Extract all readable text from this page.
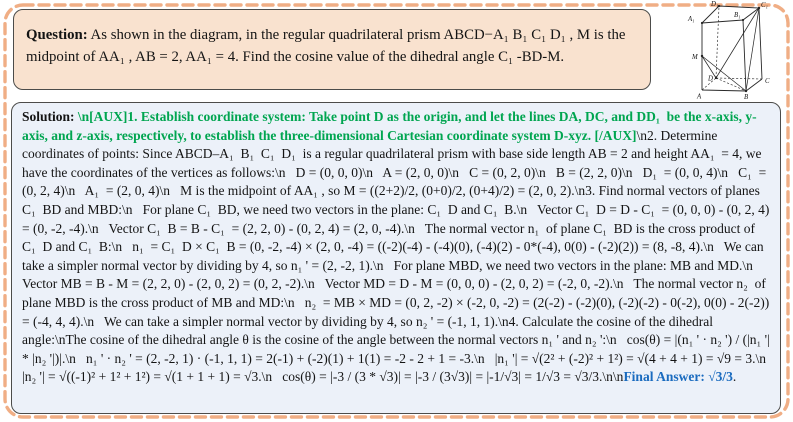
Question: As shown in the diagram, in the regular quadrilateral prism ABCD−A₁ B₁ C₁ D₁ , M is the midpoint of AA₁ , AB = 2, AA₁ = 4. Find the cosine value of the dihedral angle C₁ -BD-M.

A	B
C
D
M
A₁
B₁
C₁
D₁

Solution: \n[AUX]1. Establish coordinate system: Take point D as the origin, and let the lines DA, DC, and DD₁  be the x-axis, y-axis, and z-axis, respectively, to establish the three-dimensional Cartesian coordinate system D-xyz. [/AUX]\n2. Determine coordinates of points: Since ABCD–A₁  B₁  C₁  D₁  is a regular quadrilateral prism with base side length AB = 2 and height AA₁  = 4, we have the coordinates of the vertices as follows:\n   D = (0, 0, 0)\n   A = (2, 0, 0)\n   C = (0, 2, 0)\n   B = (2, 2, 0)\n   D₁  = (0, 0, 4)\n   C₁  = (0, 2, 4)\n   A₁  = (2, 0, 4)\n   M is the midpoint of AA₁ , so M = ((2+2)/2, (0+0)/2, (0+4)/2) = (2, 0, 2).\n3. Find normal vectors of planes C₁  BD and MBD:\n   For plane C₁  BD, we need two vectors in the plane: C₁  D and C₁  B.\n   Vector C₁  D = D - C₁  = (0, 0, 0) - (0, 2, 4) = (0, -2, -4).\n   Vector C₁  B = B - C₁  = (2, 2, 0) - (0, 2, 4) = (2, 0, -4).\n   The normal vector n₁  of plane C₁  BD is the cross product of C₁  D and C₁  B:\n   n₁  = C₁  D × C₁  B = (0, -2, -4) × (2, 0, -4) = ((-2)(-4) - (-4)(0), (-4)(2) - 0*(-4), 0(0) - (-2)(2)) = (8, -8, 4).\n   We can take a simpler normal vector by dividing by 4, so n₁ ' = (2, -2, 1).\n   For plane MBD, we need two vectors in the plane: MB and MD.\n   Vector MB = B - M = (2, 2, 0) - (2, 0, 2) = (0, 2, -2).\n   Vector MD = D - M = (0, 0, 0) - (2, 0, 2) = (-2, 0, -2).\n   The normal vector n₂  of plane MBD is the cross product of MB and MD:\n   n₂  = MB × MD = (0, 2, -2) × (-2, 0, -2) = (2(-2) - (-2)(0), (-2)(-2) - 0(-2), 0(0) - 2(-2)) = (-4, 4, 4).\n   We can take a simpler normal vector by dividing by 4, so n₂ ' = (-1, 1, 1).\n4. Calculate the cosine of the dihedral angle:\nThe cosine of the dihedral angle θ is the cosine of the angle between the normal vectors n₁ ' and n₂ ':\n   cos(θ) = |(n₁ ' · n₂ ') / (|n₁ '| * |n₂ '|)|.\n   n₁ ' · n₂ ' = (2, -2, 1) · (-1, 1, 1) = 2(-1) + (-2)(1) + 1(1) = -2 - 2 + 1 = -3.\n   |n₁ '| = √(2² + (-2)² + 1²) = √(4 + 4 + 1) = √9 = 3.\n   |n₂ '| = √((-1)² + 1² + 1²) = √(1 + 1 + 1) = √3.\n   cos(θ) = |-3 / (3 * √3)| = |-3 / (3√3)| = |-1/√3| = 1/√3 = √3/3.\n\nFinal Answer: √3/3.
